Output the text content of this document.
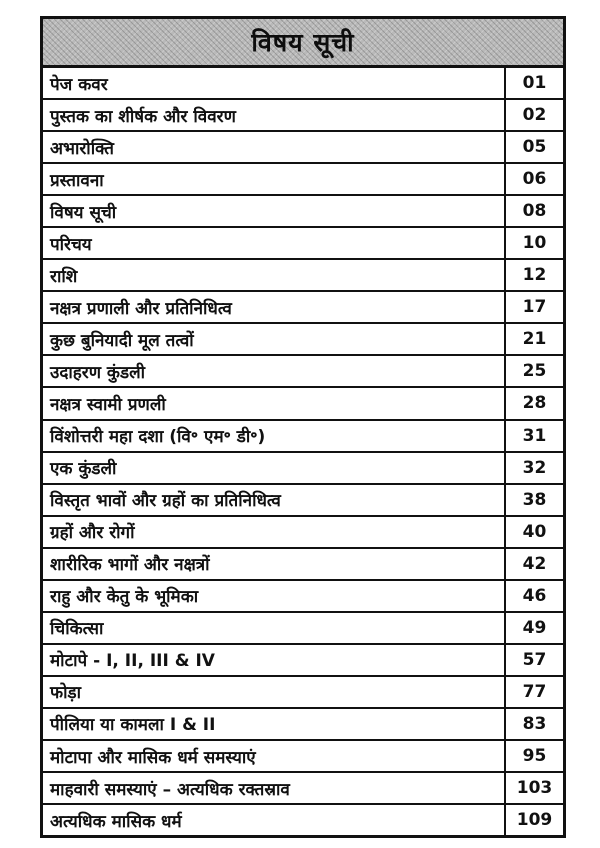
विषय सूची
पेज कवर	01
पुस्तक का शीर्षक और विवरण	02
अभारोक्ति	05
प्रस्तावना	06
विषय सूची	08
परिचय	10
राशि	12
नक्षत्र प्रणाली और प्रतिनिधित्व	17
कुछ बुनियादी मूल तत्वों	21
उदाहरण कुंडली	25
नक्षत्र स्वामी प्रणली	28
विंशोत्तरी महा दशा (वि॰ एम॰ डी॰)	31
एक कुंडली	32
विस्तृत भावों और ग्रहों का प्रतिनिधित्व	38
ग्रहों और रोगों	40
शारीरिक भागों और नक्षत्रों	42
राहु और केतु के भूमिका	46
चिकित्सा	49
मोटापे - I, II, III & IV	57
फोड़ा	77
पीलिया या कामला I & II	83
मोटापा और मासिक धर्म समस्याएं	95
माहवारी समस्याएं – अत्यधिक रक्तस्राव	103
अत्यधिक मासिक धर्म	109
